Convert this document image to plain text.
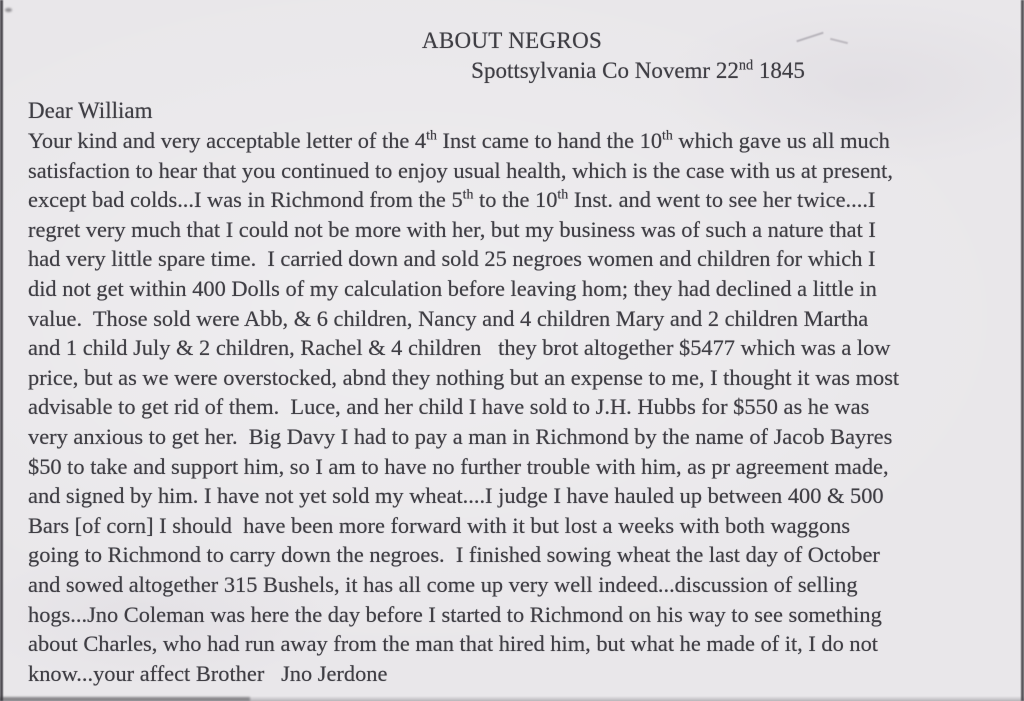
ABOUT NEGROS
Spottsylvania Co Novemr 22nd 1845
Dear William
Your kind and very acceptable letter of the 4th Inst came to hand the 10th which gave us all much
satisfaction to hear that you continued to enjoy usual health, which is the case with us at present,
except bad colds...I was in Richmond from the 5th to the 10th Inst. and went to see her twice....I
regret very much that I could not be more with her, but my business was of such a nature that I
had very little spare time.  I carried down and sold 25 negroes women and children for which I
did not get within 400 Dolls of my calculation before leaving hom; they had declined a little in
value.  Those sold were Abb, & 6 children, Nancy and 4 children Mary and 2 children Martha
and 1 child July & 2 children, Rachel & 4 children   they brot altogether $5477 which was a low
price, but as we were overstocked, abnd they nothing but an expense to me, I thought it was most
advisable to get rid of them.  Luce, and her child I have sold to J.H. Hubbs for $550 as he was
very anxious to get her.  Big Davy I had to pay a man in Richmond by the name of Jacob Bayres
$50 to take and support him, so I am to have no further trouble with him, as pr agreement made,
and signed by him. I have not yet sold my wheat....I judge I have hauled up between 400 & 500
Bars [of corn] I should  have been more forward with it but lost a weeks with both waggons
going to Richmond to carry down the negroes.  I finished sowing wheat the last day of October
and sowed altogether 315 Bushels, it has all come up very well indeed...discussion of selling
hogs...Jno Coleman was here the day before I started to Richmond on his way to see something
about Charles, who had run away from the man that hired him, but what he made of it, I do not
know...your affect Brother   Jno Jerdone
